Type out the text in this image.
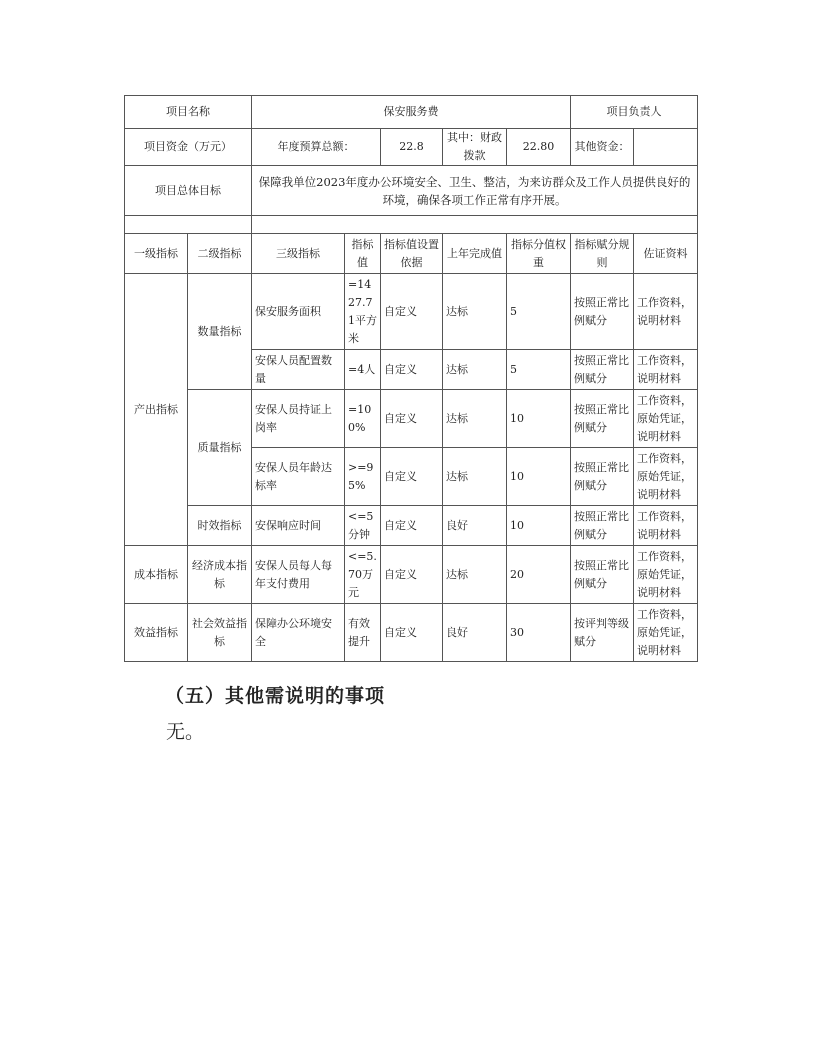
项目名称		保安服务费					项目负责人	
项目资金（万元）		年度预算总额：		22.8	其中：财政拨款	22.80	其他资金：	
项目总体目标		保障我单位2023年度办公环境安全、卫生、整洁，为来访群众及工作人员提供良好的环境，确保各项工作正常有序开展。						

一级指标	二级指标	三级指标	指标值	指标值设置依据	上年完成值	指标分值权重	指标赋分规则	佐证资料
产出指标	数量指标	保安服务面积	=1427.71平方米	自定义	达标	5	按照正常比例赋分	工作资料，说明材料
		安保人员配置数量	=4人	自定义	达标	5	按照正常比例赋分	工作资料，说明材料
	质量指标	安保人员持证上岗率	=100%	自定义	达标	10	按照正常比例赋分	工作资料，原始凭证，说明材料
		安保人员年龄达标率	>=95%	自定义	达标	10	按照正常比例赋分	工作资料，原始凭证，说明材料
	时效指标	安保响应时间	<=5分钟	自定义	良好	10	按照正常比例赋分	工作资料，说明材料
成本指标	经济成本指标	安保人员每人每年支付费用	<=5.70万元	自定义	达标	20	按照正常比例赋分	工作资料，原始凭证，说明材料
效益指标	社会效益指标	保障办公环境安全	有效提升	自定义	良好	30	按评判等级赋分	工作资料，原始凭证，说明材料
（五）其他需说明的事项
无。
